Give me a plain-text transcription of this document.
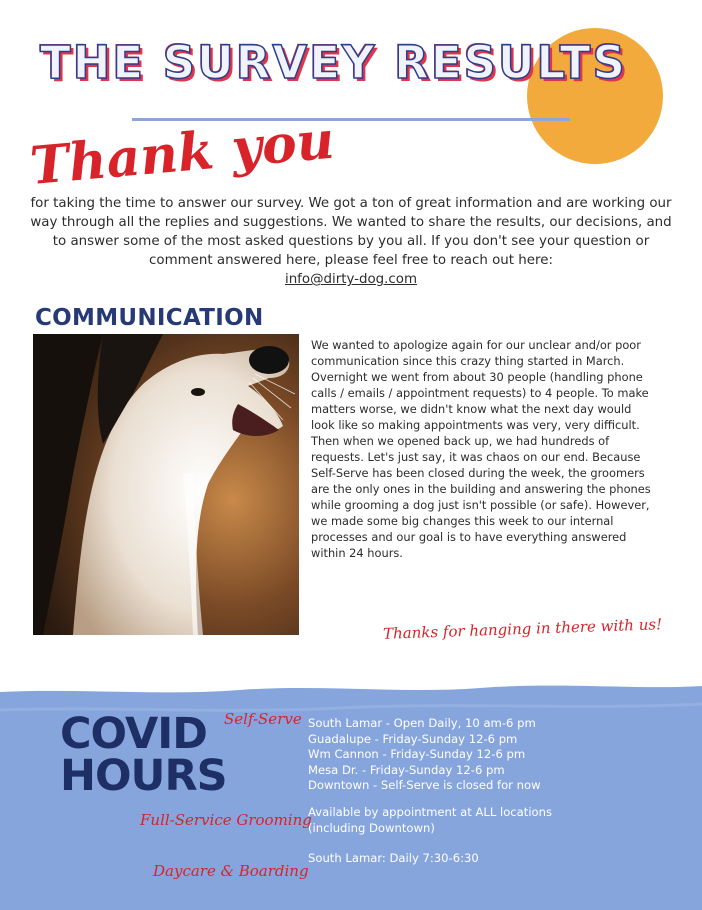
THE SURVEY RESULTS
Thank you
for taking the time to answer our survey. We got a ton of great information and are working our way through all the replies and suggestions. We wanted to share the results, our decisions, and to answer some of the most asked questions by you all. If you don't see your question or comment answered here, please feel free to reach out here:
info@dirty-dog.com
COMMUNICATION

We wanted to apologize again for our unclear and/or poor communication since this crazy thing started in March.

Overnight we went from about 30 people (handling phone calls / emails / appointment requests) to 4 people. To make matters worse, we didn't know what the next day would look like so making appointments was very, very difficult. Then when we opened back up, we had hundreds of requests. Let's just say, it was chaos on our end. Because Self-Serve has been closed during the week, the groomers are the only ones in the building and answering the phones while grooming a dog just isn't possible (or safe). However, we made some big changes this week to our internal processes and our goal is to have everything answered within 24 hours.

Thanks for hanging in there with us!

COVID
HOURS

Self-Serve South Lamar - Open Daily, 10 am-6 pm
Guadalupe - Friday-Sunday 12-6 pm
Wm Cannon - Friday-Sunday 12-6 pm
Mesa Dr. - Friday-Sunday 12-6 pm
Downtown - Self-Serve is closed for now

Full-Service Grooming

Available by appointment at ALL locations
(including Downtown)

Daycare & Boarding

South Lamar: Daily 7:30-6:30
